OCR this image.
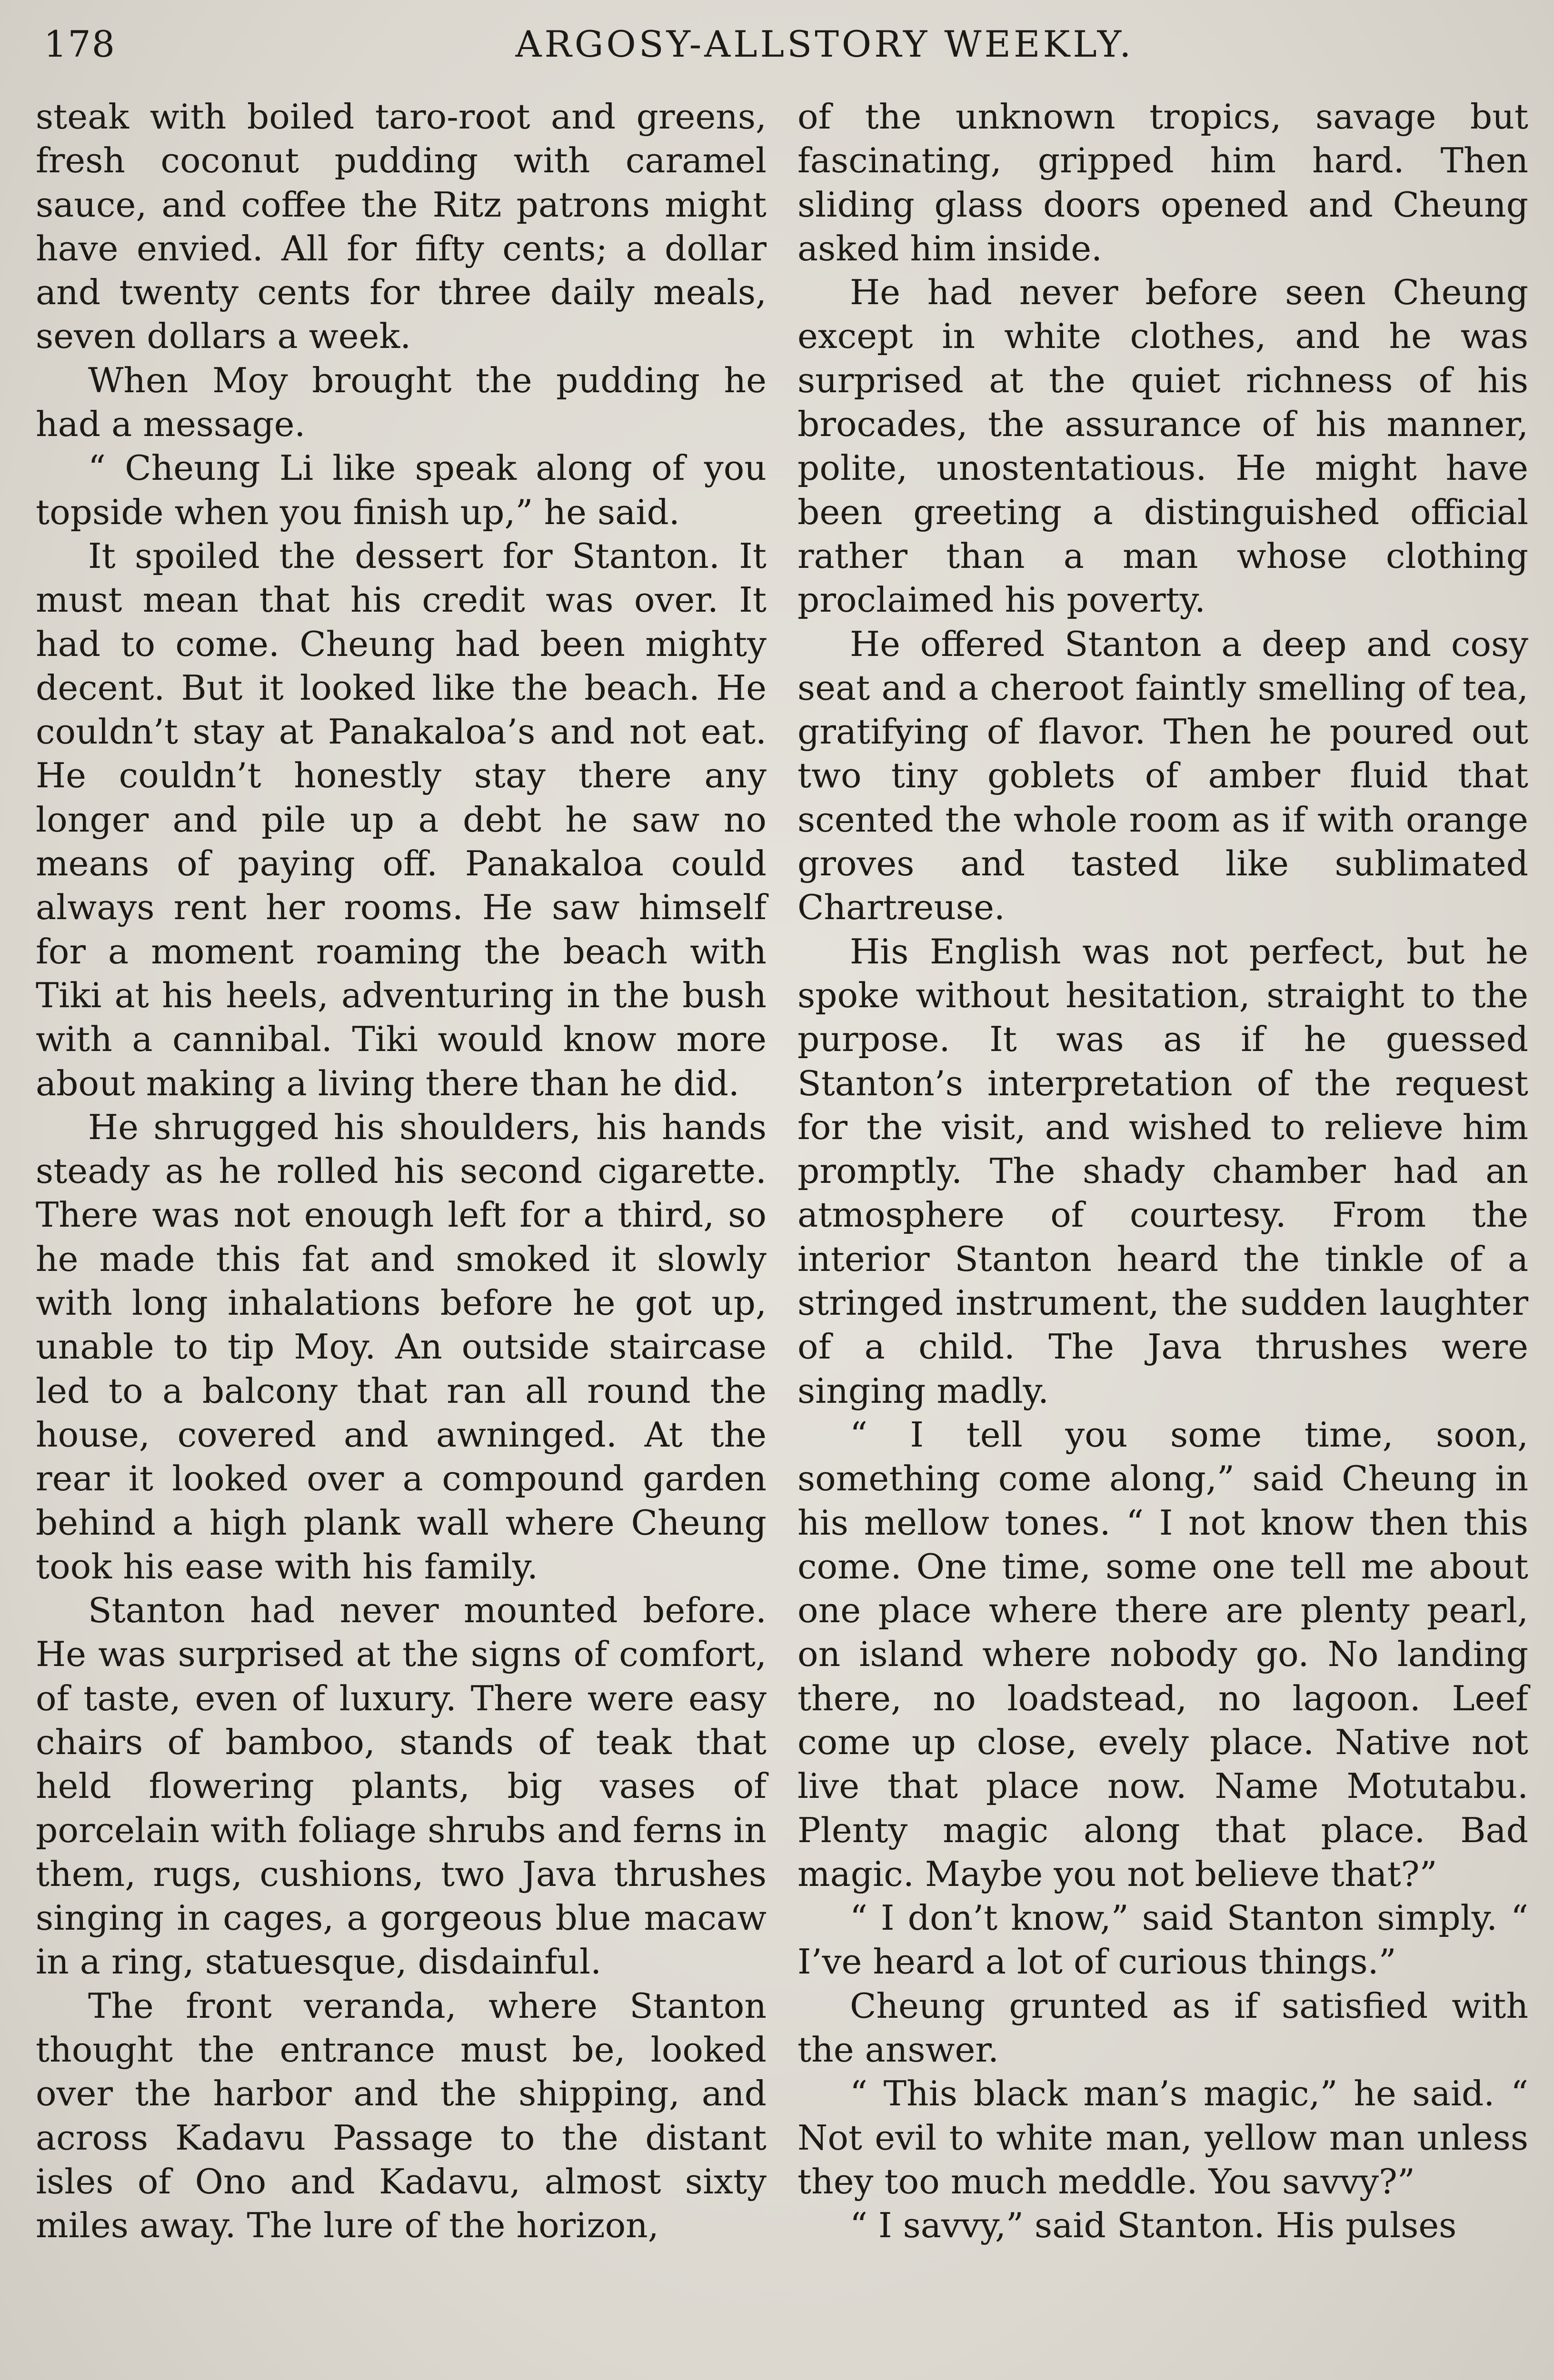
178	ARGOSY-ALLSTORY WEEKLY.

steak with boiled taro-root and greens, fresh coconut pudding with caramel sauce, and coffee the Ritz patrons might have envied. All for fifty cents; a dollar and twenty cents for three daily meals, seven dollars a week.

When Moy brought the pudding he had a message.

“ Cheung Li like speak along of you topside when you finish up,” he said.

It spoiled the dessert for Stanton. It must mean that his credit was over. It had to come. Cheung had been mighty decent. But it looked like the beach. He couldn’t stay at Panakaloa’s and not eat. He couldn’t honestly stay there any longer and pile up a debt he saw no means of paying off. Panakaloa could always rent her rooms. He saw himself for a moment roaming the beach with Tiki at his heels, adventuring in the bush with a cannibal. Tiki would know more about making a living there than he did.

He shrugged his shoulders, his hands steady as he rolled his second cigarette. There was not enough left for a third, so he made this fat and smoked it slowly with long inhalations before he got up, unable to tip Moy. An outside staircase led to a balcony that ran all round the house, covered and awninged. At the rear it looked over a compound garden behind a high plank wall where Cheung took his ease with his family.

Stanton had never mounted before. He was surprised at the signs of comfort, of taste, even of luxury. There were easy chairs of bamboo, stands of teak that held flowering plants, big vases of porcelain with foliage shrubs and ferns in them, rugs, cushions, two Java thrushes singing in cages, a gorgeous blue macaw in a ring, statuesque, disdainful.

The front veranda, where Stanton thought the entrance must be, looked over the harbor and the shipping, and across Kadavu Passage to the distant isles of Ono and Kadavu, almost sixty miles away. The lure of the horizon,

of the unknown tropics, savage but fascinating, gripped him hard. Then sliding glass doors opened and Cheung asked him inside.

He had never before seen Cheung except in white clothes, and he was surprised at the quiet richness of his brocades, the assurance of his manner, polite, unostentatious. He might have been greeting a distinguished official rather than a man whose clothing proclaimed his poverty.

He offered Stanton a deep and cosy seat and a cheroot faintly smelling of tea, gratifying of flavor. Then he poured out two tiny goblets of amber fluid that scented the whole room as if with orange groves and tasted like sublimated Chartreuse.

His English was not perfect, but he spoke without hesitation, straight to the purpose. It was as if he guessed Stanton’s interpretation of the request for the visit, and wished to relieve him promptly. The shady chamber had an atmosphere of courtesy. From the interior Stanton heard the tinkle of a stringed instrument, the sudden laughter of a child. The Java thrushes were singing madly.

“ I tell you some time, soon, something come along,” said Cheung in his mellow tones. “ I not know then this come. One time, some one tell me about one place where there are plenty pearl, on island where nobody go. No landing there, no loadstead, no lagoon. Leef come up close, evely place. Native not live that place now. Name Motutabu. Plenty magic along that place. Bad magic. Maybe you not believe that?”

“ I don’t know,” said Stanton simply. “ I’ve heard a lot of curious things.”

Cheung grunted as if satisfied with the answer.

“ This black man’s magic,” he said. “ Not evil to white man, yellow man unless they too much meddle. You savvy?”

“ I savvy,” said Stanton. His pulses
